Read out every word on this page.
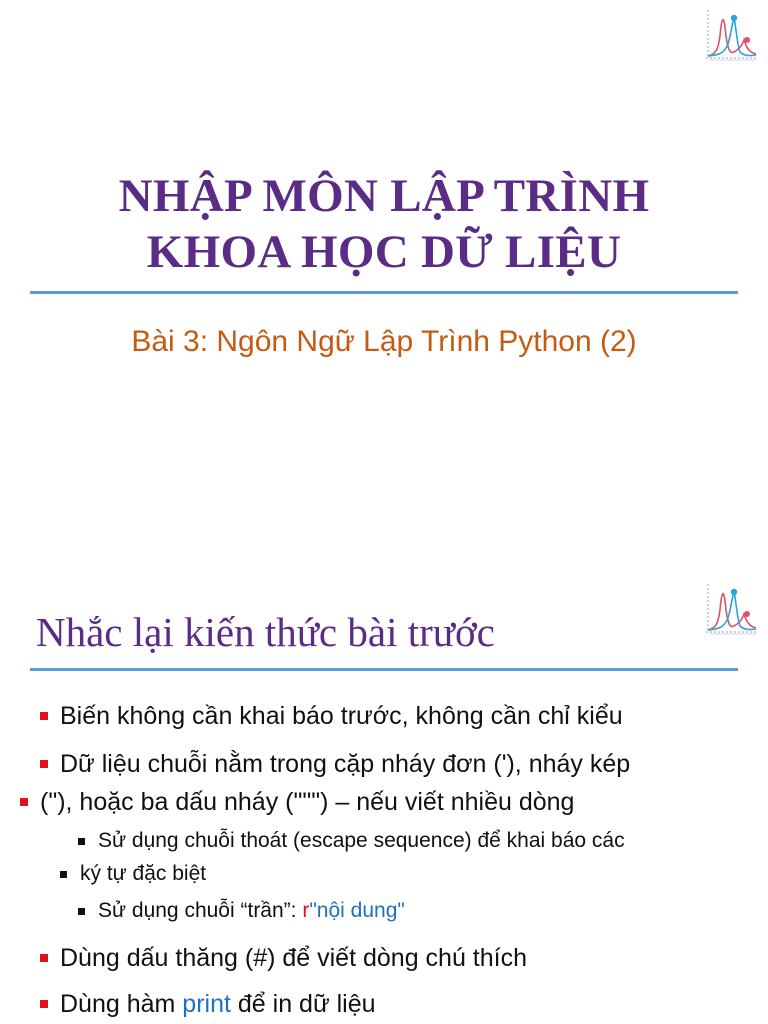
NHẬP MÔN LẬP TRÌNH
KHOA HỌC DỮ LIỆU
Bài 3: Ngôn Ngữ Lập Trình Python (2)
Nhắc lại kiến thức bài trước
Biến không cần khai báo trước, không cần chỉ kiểu
Dữ liệu chuỗi nằm trong cặp nháy đơn ('), nháy kép
("), hoặc ba dấu nháy (""") – nếu viết nhiều dòng
Sử dụng chuỗi thoát (escape sequence) để khai báo các
ký tự đặc biệt
Sử dụng chuỗi “trần”: r"nội dung"
Dùng dấu thăng (#) để viết dòng chú thích
Dùng hàm print để in dữ liệu
